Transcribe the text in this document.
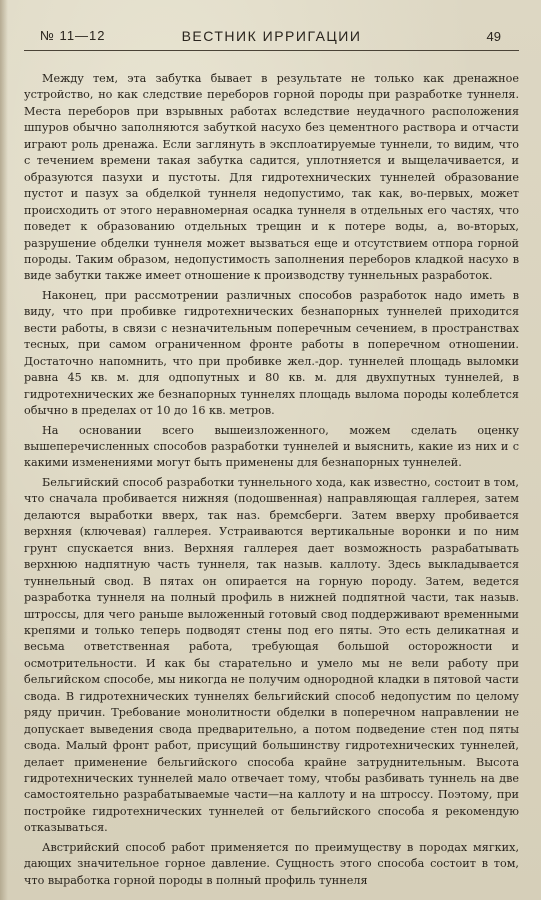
№ 11—12	ВЕСТНИК ИРРИГАЦИИ	49

Между тем, эта забутка бывает в результате не только как дренажное устройство, но как следствие переборов горной породы при разработке туннеля. Места переборов при взрывных работах вследствие неудачного расположения шпуров обычно заполняются забуткой насухо без цементного раствора и отчасти играют роль дренажа. Если заглянуть в эксплоатируемые туннели, то видим, что с течением времени такая забутка садится, уплотняется и выщелачивается, и образуются пазухи и пустоты. Для гидротехнических туннелей образование пустот и пазух за обделкой туннеля недопустимо, так как, во-первых, может происходить от этого неравномерная осадка туннеля в отдельных его частях, что поведет к образованию отдельных трещин и к потере воды, а, во-вторых, разрушение обделки туннеля может вызваться еще и отсутствием отпора горной породы. Таким образом, недопустимость заполнения переборов кладкой насухо в виде забутки также имеет отношение к производству туннельных разработок.

Наконец, при рассмотрении различных способов разработок надо иметь в виду, что при пробивке гидротехнических безнапорных туннелей приходится вести работы, в связи с незначительным поперечным сечением, в пространствах тесных, при самом ограниченном фронте работы в поперечном отношении. Достаточно напомнить, что при пробивке жел.-дор. туннелей площадь выломки равна 45 кв. м. для одпопутных и 80 кв. м. для двухпутных туннелей, в гидротехнических же безнапорных туннелях площадь вылома породы колеблется обычно в пределах от 10 до 16 кв. метров.

На основании всего вышеизложенного, можем сделать оценку вышеперечисленных способов разработки туннелей и выяснить, какие из них и с какими изменениями могут быть применены для безнапорных туннелей.

Бельгийский способ разработки туннельного хода, как известно, состоит в том, что сначала пробивается нижняя (подошвенная) направляющая галлерея, затем делаются выработки вверх, так наз. бремсберги. Затем вверху пробивается верхняя (ключевая) галлерея. Устраиваются вертикальные воронки и по ним грунт спускается вниз. Верхняя галлерея дает возможность разрабатывать верхнюю надпятную часть туннеля, так назыв. каллоту. Здесь выкладывается туннельный свод. В пятах он опирается на горную породу. Затем, ведется разработка туннеля на полный профиль в нижней подпятной части, так назыв. штроссы, для чего раньше выложенный готовый свод поддерживают временными крепями и только теперь подводят стены под его пяты. Это есть деликатная и весьма ответственная работа, требующая большой осторожности и осмотрительности. И как бы старательно и умело мы не вели работу при бельгийском способе, мы никогда не получим однородной кладки в пятовой части свода. В гидротехнических туннелях бельгийский способ недопустим по целому ряду причин. Требование монолитности обделки в поперечном направлении не допускает выведения свода предварительно, а потом подведение стен под пяты свода. Малый фронт работ, присущий большинству гидротехнических туннелей, делает применение бельгийского способа крайне затруднительным. Высота гидротехнических туннелей мало отвечает тому, чтобы разбивать туннель на две самостоятельно разрабатываемые части—на каллоту и на штроссу. Поэтому, при постройке гидротехнических туннелей от бельгийского способа я рекомендую отказываться.

Австрийский способ работ применяется по преимуществу в породах мягких, дающих значительное горное давление. Сущность этого способа состоит в том, что выработка горной породы в полный профиль туннеля
